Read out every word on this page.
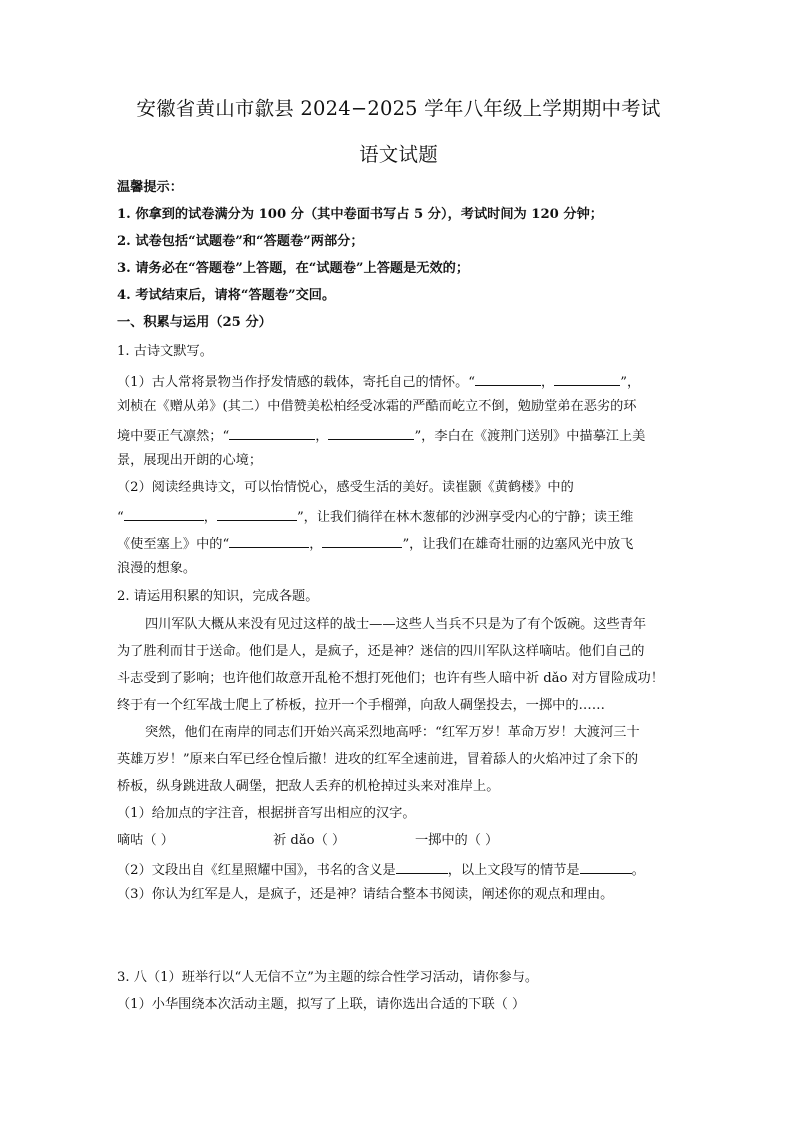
安徽省黄山市歙县 2024−2025 学年八年级上学期期中考试
语文试题
温馨提示：
1. 你拿到的试卷满分为 100 分（其中卷面书写占 5 分），考试时间为 120 分钟；
2. 试卷包括“试题卷”和“答题卷”两部分；
3. 请务必在“答题卷”上答题，在“试题卷”上答题是无效的；
4. 考试结束后，请将“答题卷”交回。
一、积累与运用（25 分）
1. 古诗文默写。
（1）古人常将景物当作抒发情感的载体，寄托自己的情怀。“	，	”，
刘桢在《赠从弟》(其二）中借赞美松柏经受冰霜的严酷而屹立不倒，勉励堂弟在恶劣的环
境中要正气凛然；“	，	”，李白在《渡荆门送别》中描摹江上美
景，展现出开朗的心境；
（2）阅读经典诗文，可以怡情悦心，感受生活的美好。读崔颢《黄鹤楼》中的
“	，	”，让我们徜徉在林木葱郁的沙洲享受内心的宁静；读王维
《使至塞上》中的“	，	”，让我们在雄奇壮丽的边塞风光中放飞
浪漫的想象。
2. 请运用积累的知识，完成各题。
四川军队大概从来没有见过这样的战士——这些人当兵不只是为了有个饭碗。这些青年
为了胜利而甘于送命。他们是人，是疯子，还是神？迷信的四川军队这样嘀咕。他们自己的
斗志受到了影响；也许他们故意开乱枪不想打死他们；也许有些人暗中祈 dǎo 对方冒险成功！
终于有一个红军战士爬上了桥板，拉开一个手榴弹，向敌人碉堡投去，一掷中的……
突然，他们在南岸的同志们开始兴高采烈地高呼：“红军万岁！革命万岁！大渡河三十
英雄万岁！”原来白军已经仓惶后撤！进攻的红军全速前进，冒着舔人的火焰冲过了余下的
桥板，纵身跳进敌人碉堡，把敌人丢弃的机枪掉过头来对准岸上。
（1）给加点的字注音，根据拼音写出相应的汉字。
嘀咕（ ）	祈 dǎo（ ）	一掷中的（ ）
（2）文段出自《红星照耀中国》，书名的含义是	，以上文段写的情节是	。
（3）你认为红军是人，是疯子，还是神？请结合整本书阅读，阐述你的观点和理由。
3. 八（1）班举行以“人无信不立”为主题的综合性学习活动，请你参与。
（1）小华围绕本次活动主题，拟写了上联，请你选出合适的下联（ ）
